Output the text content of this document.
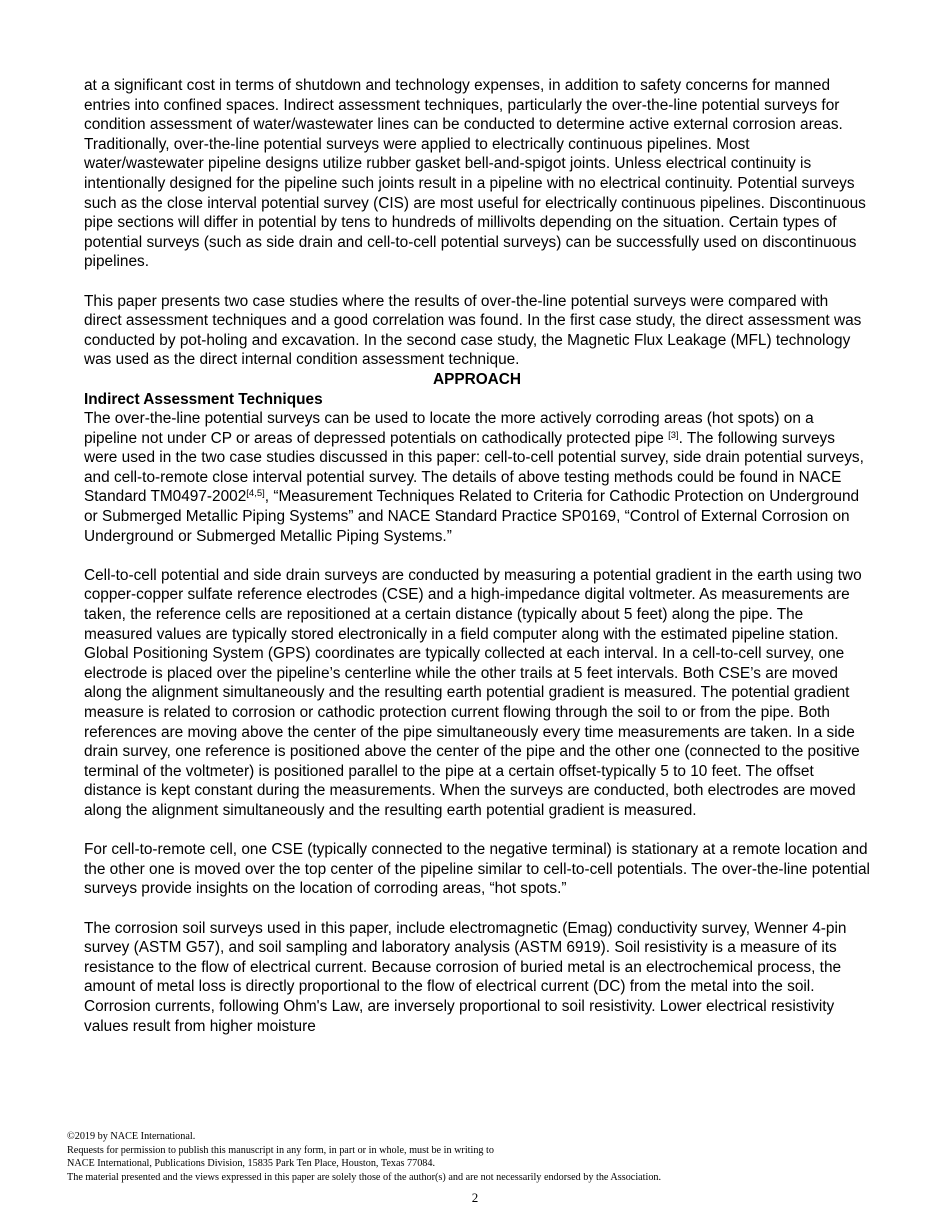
at a significant cost in terms of shutdown and technology expenses, in addition to safety concerns for manned entries into confined spaces. Indirect assessment techniques, particularly the over-the-line potential surveys for condition assessment of water/wastewater lines can be conducted to determine active external corrosion areas. Traditionally, over-the-line potential surveys were applied to electrically continuous pipelines. Most water/wastewater pipeline designs utilize rubber gasket bell-and-spigot joints. Unless electrical continuity is intentionally designed for the pipeline such joints result in a pipeline with no electrical continuity. Potential surveys such as the close interval potential survey (CIS) are most useful for electrically continuous pipelines. Discontinuous pipe sections will differ in potential by tens to hundreds of millivolts depending on the situation. Certain types of potential surveys (such as side drain and cell-to-cell potential surveys) can be successfully used on discontinuous pipelines.

This paper presents two case studies where the results of over-the-line potential surveys were compared with direct assessment techniques and a good correlation was found. In the first case study, the direct assessment was conducted by pot-holing and excavation. In the second case study, the Magnetic Flux Leakage (MFL) technology was used as the direct internal condition assessment technique.

APPROACH

Indirect Assessment Techniques

The over-the-line potential surveys can be used to locate the more actively corroding areas (hot spots) on a pipeline not under CP or areas of depressed potentials on cathodically protected pipe [3]. The following surveys were used in the two case studies discussed in this paper: cell-to-cell potential survey, side drain potential surveys, and cell-to-remote close interval potential survey. The details of above testing methods could be found in NACE Standard TM0497-2002[4,5], “Measurement Techniques Related to Criteria for Cathodic Protection on Underground or Submerged Metallic Piping Systems” and NACE Standard Practice SP0169, “Control of External Corrosion on Underground or Submerged Metallic Piping Systems.”

Cell-to-cell potential and side drain surveys are conducted by measuring a potential gradient in the earth using two copper-copper sulfate reference electrodes (CSE) and a high-impedance digital voltmeter. As measurements are taken, the reference cells are repositioned at a certain distance (typically about 5 feet) along the pipe. The measured values are typically stored electronically in a field computer along with the estimated pipeline station. Global Positioning System (GPS) coordinates are typically collected at each interval. In a cell-to-cell survey, one electrode is placed over the pipeline’s centerline while the other trails at 5 feet intervals. Both CSE’s are moved along the alignment simultaneously and the resulting earth potential gradient is measured. The potential gradient measure is related to corrosion or cathodic protection current flowing through the soil to or from the pipe. Both references are moving above the center of the pipe simultaneously every time measurements are taken. In a side drain survey, one reference is positioned above the center of the pipe and the other one (connected to the positive terminal of the voltmeter) is positioned parallel to the pipe at a certain offset-typically 5 to 10 feet. The offset distance is kept constant during the measurements. When the surveys are conducted, both electrodes are moved along the alignment simultaneously and the resulting earth potential gradient is measured.

For cell-to-remote cell, one CSE (typically connected to the negative terminal) is stationary at a remote location and the other one is moved over the top center of the pipeline similar to cell-to-cell potentials. The over-the-line potential surveys provide insights on the location of corroding areas, “hot spots.”

The corrosion soil surveys used in this paper, include electromagnetic (Emag) conductivity survey, Wenner 4-pin survey (ASTM G57), and soil sampling and laboratory analysis (ASTM 6919). Soil resistivity is a measure of its resistance to the flow of electrical current. Because corrosion of buried metal is an electrochemical process, the amount of metal loss is directly proportional to the flow of electrical current (DC) from the metal into the soil. Corrosion currents, following Ohm's Law, are inversely proportional to soil resistivity. Lower electrical resistivity values result from higher moisture

©2019 by NACE International.

Requests for permission to publish this manuscript in any form, in part or in whole, must be in writing to

NACE International, Publications Division, 15835 Park Ten Place, Houston, Texas 77084.

The material presented and the views expressed in this paper are solely those of the author(s) and are not necessarily endorsed by the Association.

2
